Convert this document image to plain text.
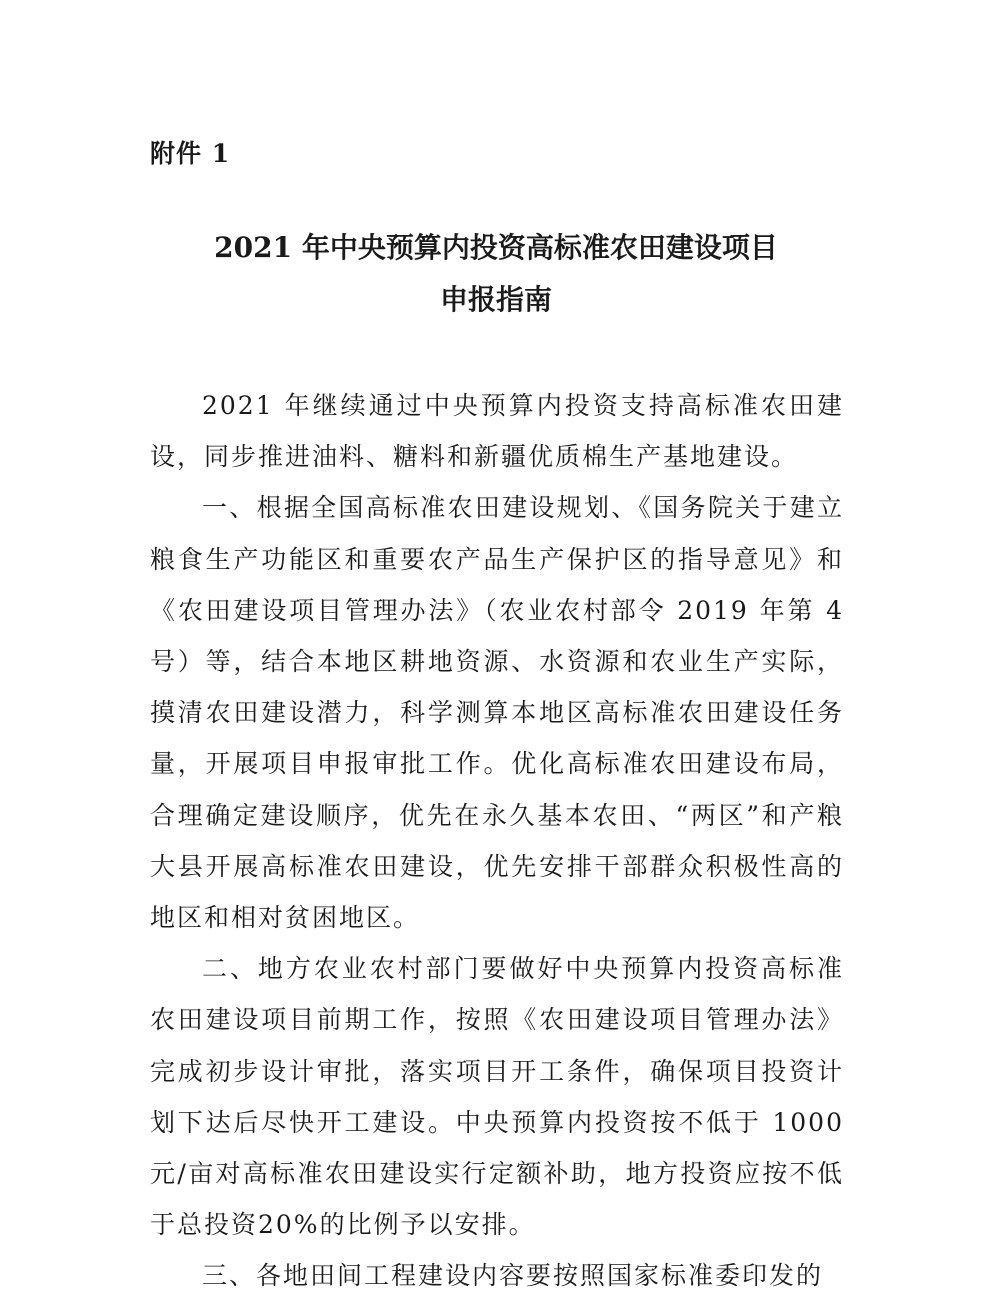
附件 1
2021 年中央预算内投资高标准农田建设项目
申报指南

2021 年继续通过中央预算内投资支持高标准农田建设，同步推进油料、糖料和新疆优质棉生产基地建设。

一、根据全国高标准农田建设规划、《国务院关于建立粮食生产功能区和重要农产品生产保护区的指导意见》和《农田建设项目管理办法》（农业农村部令 2019 年第 4 号）等，结合本地区耕地资源、水资源和农业生产实际，摸清农田建设潜力，科学测算本地区高标准农田建设任务量，开展项目申报审批工作。优化高标准农田建设布局，合理确定建设顺序，优先在永久基本农田、“两区”和产粮大县开展高标准农田建设，优先安排干部群众积极性高的地区和相对贫困地区。

二、地方农业农村部门要做好中央预算内投资高标准农田建设项目前期工作，按照《农田建设项目管理办法》完成初步设计审批，落实项目开工条件，确保项目投资计划下达后尽快开工建设。中央预算内投资按不低于 1000 元/亩对高标准农田建设实行定额补助，地方投资应按不低于总投资20%的比例予以安排。

三、各地田间工程建设内容要按照国家标准委印发的
